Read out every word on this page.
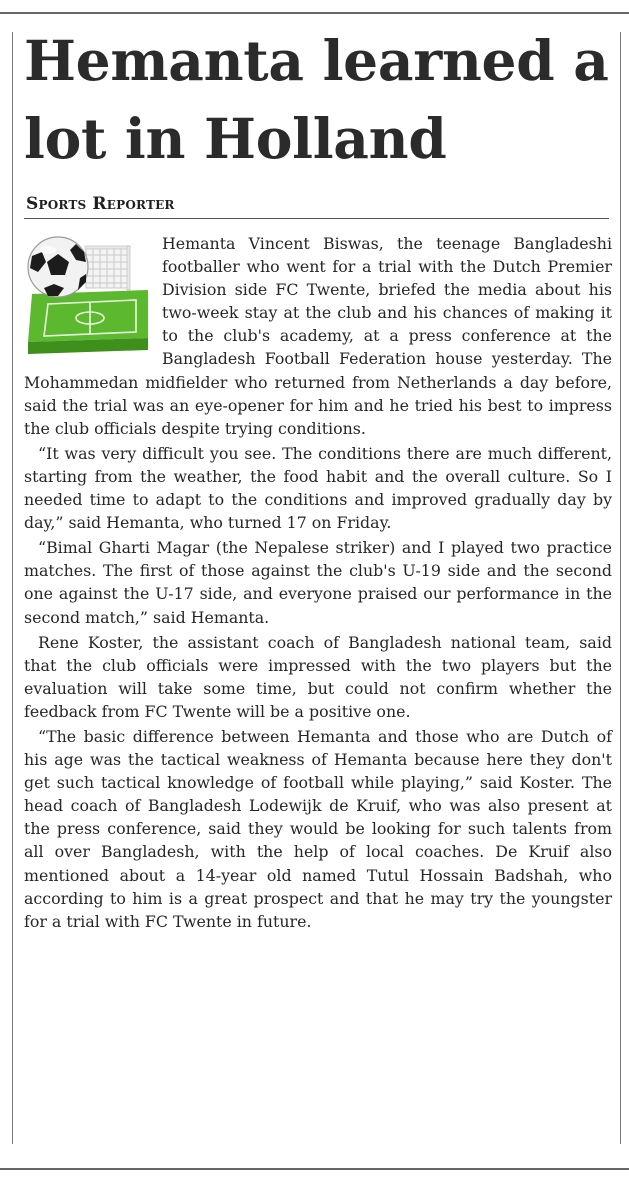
Hemanta learned a lot in Holland
Sports Reporter

Hemanta Vincent Biswas, the teenage Bangladeshi footballer who went for a trial with the Dutch Premier Division side FC Twente, briefed the media about his two-week stay at the club and his chances of making it to the club's academy, at a press conference at the Bangladesh Football Federation house yesterday. The Mohammedan midfielder who returned from Netherlands a day before, said the trial was an eye-opener for him and he tried his best to impress the club officials despite trying conditions.

“It was very difficult you see. The conditions there are much different, starting from the weather, the food habit and the overall culture. So I needed time to adapt to the conditions and improved gradually day by day,” said Hemanta, who turned 17 on Friday.

“Bimal Gharti Magar (the Nepalese striker) and I played two practice matches. The first of those against the club's U-19 side and the second one against the U-17 side, and everyone praised our performance in the second match,” said Hemanta.

Rene Koster, the assistant coach of Bangladesh national team, said that the club officials were impressed with the two players but the evaluation will take some time, but could not confirm whether the feedback from FC Twente will be a positive one.

“The basic difference between Hemanta and those who are Dutch of his age was the tactical weakness of Hemanta because here they don't get such tactical knowledge of football while playing,” said Koster. The head coach of Bangladesh Lodewijk de Kruif, who was also present at the press conference, said they would be looking for such talents from all over Bangladesh, with the help of local coaches. De Kruif also mentioned about a 14-year old named Tutul Hossain Badshah, who according to him is a great prospect and that he may try the youngster for a trial with FC Twente in future.
